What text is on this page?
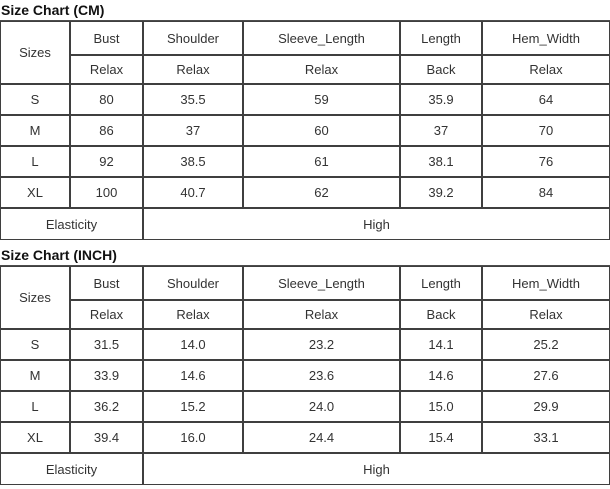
Size Chart (CM)
Sizes	Bust	Shoulder	Sleeve_Length	Length	Hem_Width
	Relax	Relax	Relax	Back	Relax
S	80	35.5	59	35.9	64
M	86	37	60	37	70
L	92	38.5	61	38.1	76
XL	100	40.7	62	39.2	84
Elasticity		High			
Size Chart (INCH)
Sizes	Bust	Shoulder	Sleeve_Length	Length	Hem_Width
	Relax	Relax	Relax	Back	Relax
S	31.5	14.0	23.2	14.1	25.2
M	33.9	14.6	23.6	14.6	27.6
L	36.2	15.2	24.0	15.0	29.9
XL	39.4	16.0	24.4	15.4	33.1
Elasticity		High			
